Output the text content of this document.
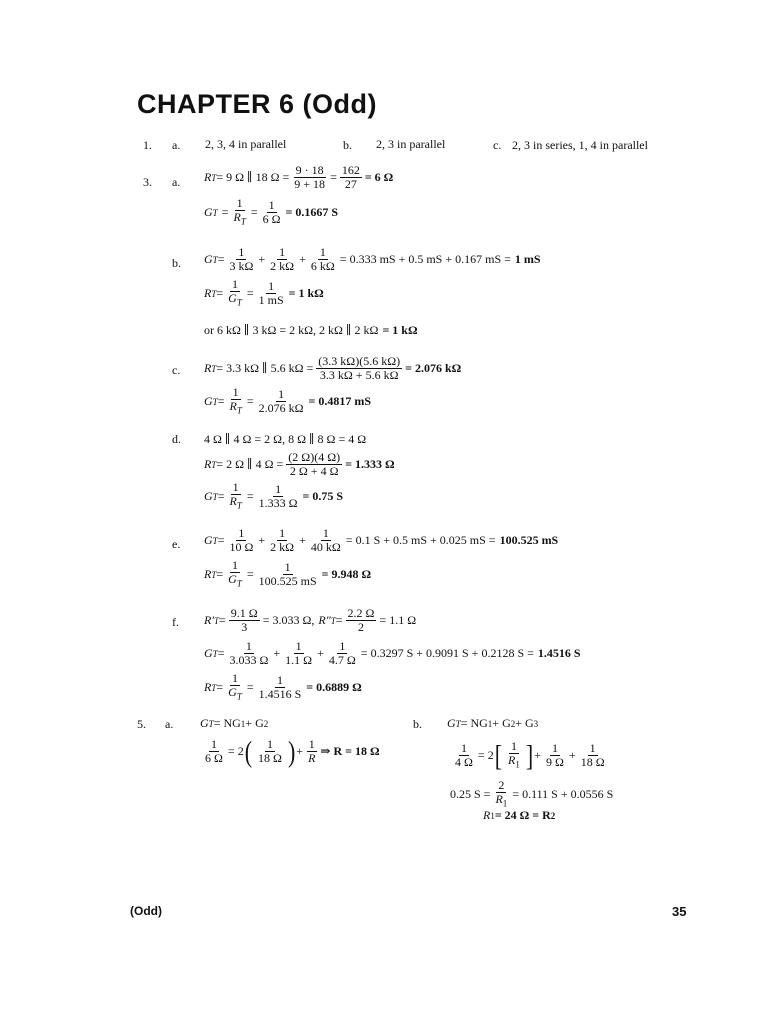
CHAPTER 6 (Odd)
1. a. 2, 3, 4 in parallel	b. 2, 3 in parallel	c. 2, 3 in series, 1, 4 in parallel
3. a. R T = 9 Ω ∥ 18 $\Omega = \frac{9 \cdot 18}{9 + 18} = \frac{162}{27} = 6$ Ω
G $T = \frac{1}{R_T} = \frac{1}{6 \Omega} = 0.1667$ S
b. G $T = \frac{1}{3 k\Omega} + \frac{1}{2 k\Omega} + \frac{1}{6 k\Omega} = 0.333$ mS + 0.5 mS + 0.167 mS = 1 mS
R $T = \frac{1}{G_T} = \frac{1}{1 mS} = 1$ kΩ
or 6 kΩ ∥ 3 kΩ = 2 kΩ, 2 kΩ ∥ 2 kΩ = 1 kΩ
c. R T = 3.3 kΩ ∥ 5.6 $k\Omega = \frac{(3.3 k\Omega)(5.6 k\Omega)}{3.3 k\Omega + 5.6 k\Omega} = 2.076$ kΩ
G $T = \frac{1}{R_T} = \frac{1}{2.076 k\Omega} = 0.4817$ mS
d. 4 Ω ∥ 4 Ω = 2 Ω, 8 Ω ∥ 8 Ω = 4 Ω
R T = 2 Ω ∥ 4 $\Omega = \frac{(2 \Omega)(4 \Omega)}{2 \Omega + 4 \Omega} = 1.333$ Ω
G $T = \frac{1}{R_T} = \frac{1}{1.333 \Omega} = 0.75$ S
e. G $T = \frac{1}{10 \Omega} + \frac{1}{2 k\Omega} + \frac{1}{40 k\Omega} = 0.1$ S + 0.5 mS + 0.025 mS = 100.525 mS
R $T = \frac{1}{G_T} = \frac{1}{100.525 mS} = 9.948$ Ω
f. R′ $T = \frac{9.1 \Omega}{3} = 3.033$ Ω, R″ $T = \frac{2.2 \Omega}{2} = 1.1$ Ω
G $T = \frac{1}{3.033 \Omega} + \frac{1}{1.1 \Omega} + \frac{1}{4.7 \Omega} = 0.3297$ S + 0.9091 S + 0.2128 S = 1.4516 S
R $T = \frac{1}{G_T} = \frac{1}{1.4516 S} = 0.6889$ Ω
5. a. G T = NG 1 + G 2
$\frac{1}{6 \Omega} = 2$ ( $\frac{1}{18 \Omega}$ ) + $\frac{1}{R}$ ⇒ R = 18 Ω
b. G T = NG 1 + G 2 + G 3
$\frac{1}{4 \Omega} = 2$ [ $\frac{1}{R_1}$ ] + $\frac{1}{9 \Omega} + \frac{1}{18 \Omega}$
0.25 $S = \frac{2}{R_1} = 0.111$ S + 0.0556 S
R 1 = 24 Ω = R 2
(Odd)	35
